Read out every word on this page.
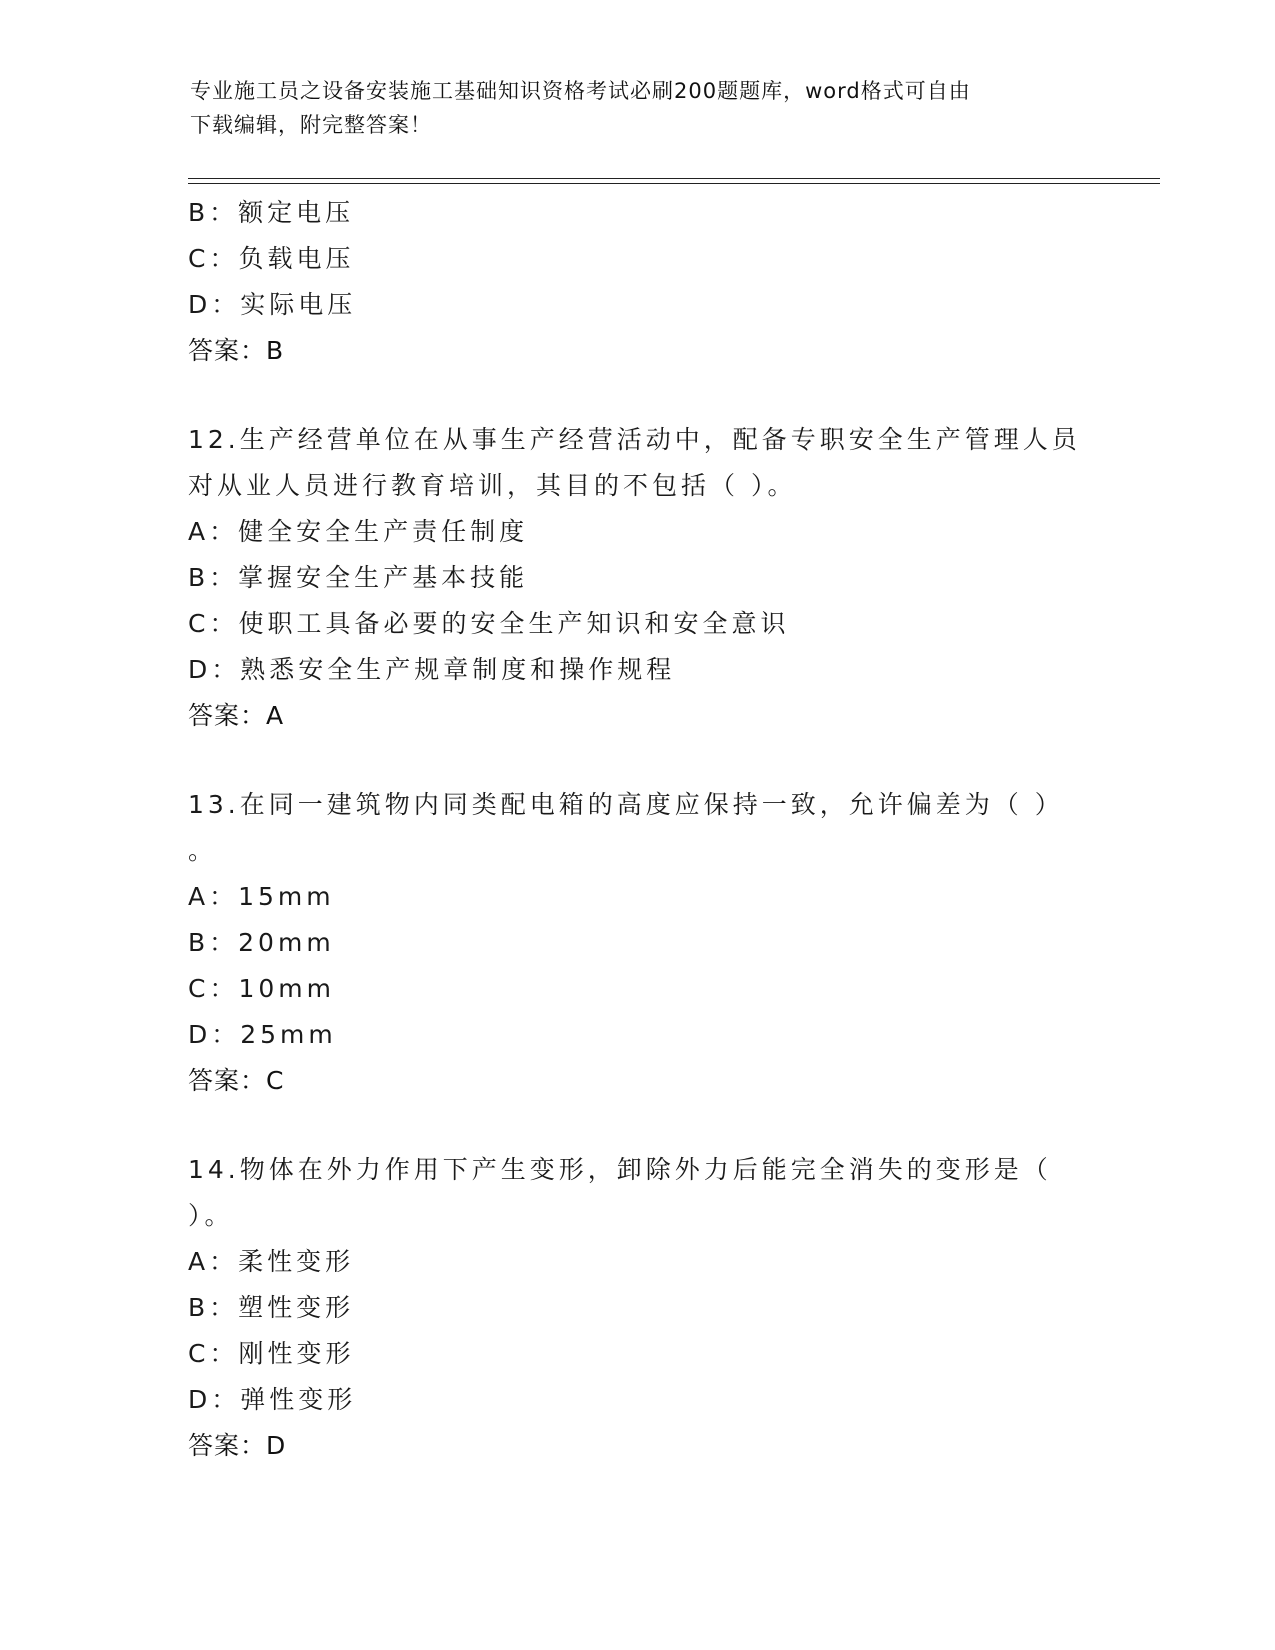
专业施工员之设备安装施工基础知识资格考试必刷200题题库，word格式可自由
下载编辑，附完整答案！
B：额定电压
C：负载电压
D：实际电压
答案：B
12.生产经营单位在从事生产经营活动中，配备专职安全生产管理人员
对从业人员进行教育培训，其目的不包括（ ）。
A：健全安全生产责任制度
B：掌握安全生产基本技能
C：使职工具备必要的安全生产知识和安全意识
D：熟悉安全生产规章制度和操作规程
答案：A
13.在同一建筑物内同类配电箱的高度应保持一致，允许偏差为（ ）
。
A：15mm
B：20mm
C：10mm
D：25mm
答案：C
14.物体在外力作用下产生变形，卸除外力后能完全消失的变形是（
）。
A：柔性变形
B：塑性变形
C：刚性变形
D：弹性变形
答案：D
